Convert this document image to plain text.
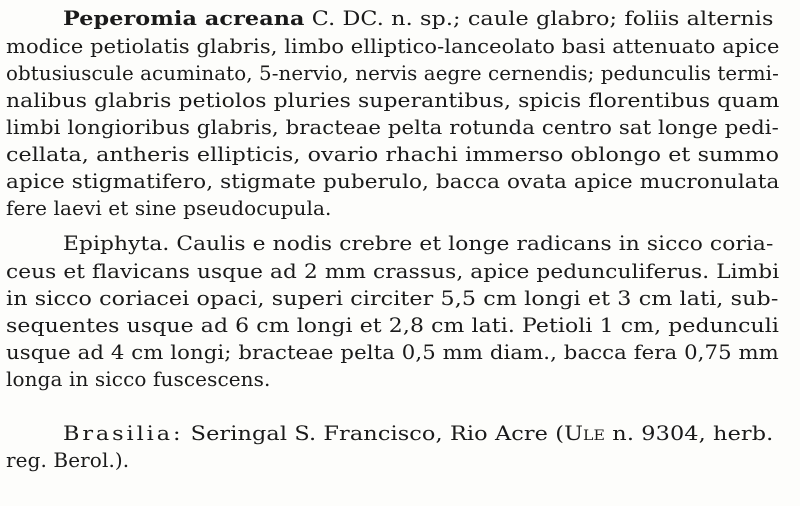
Peperomia acreana C. DC. n. sp.; caule glabro; foliis alternis
modice petiolatis glabris, limbo elliptico-lanceolato basi attenuato apice
obtusiuscule acuminato, 5-nervio, nervis aegre cernendis; pedunculis termi-
nalibus glabris petiolos pluries superantibus, spicis florentibus quam
limbi longioribus glabris, bracteae pelta rotunda centro sat longe pedi-
cellata, antheris ellipticis, ovario rhachi immerso oblongo et summo
apice stigmatifero, stigmate puberulo, bacca ovata apice mucronulata
fere laevi et sine pseudocupula.
Epiphyta. Caulis e nodis crebre et longe radicans in sicco coria-
ceus et flavicans usque ad 2 mm crassus, apice pedunculiferus. Limbi
in sicco coriacei opaci, superi circiter 5,5 cm longi et 3 cm lati, sub-
sequentes usque ad 6 cm longi et 2,8 cm lati. Petioli 1 cm, pedunculi
usque ad 4 cm longi; bracteae pelta 0,5 mm diam., bacca fera 0,75 mm
longa in sicco fuscescens.
Brasilia: Seringal S. Francisco, Rio Acre (Ule n. 9304, herb.
reg. Berol.).
